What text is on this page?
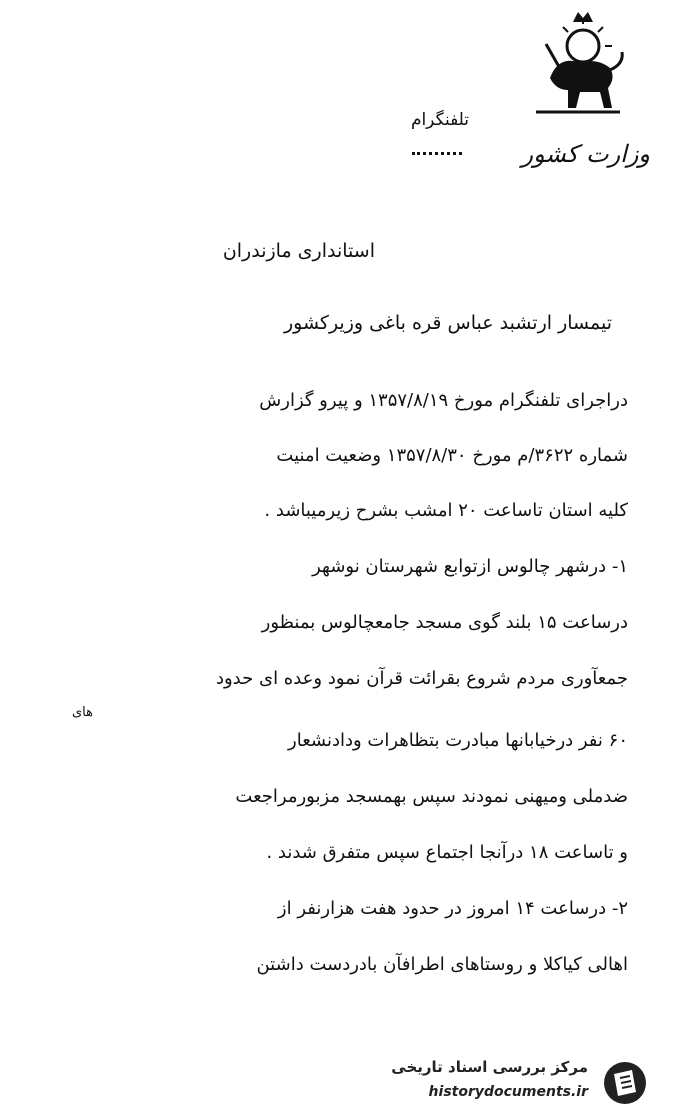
وزارت کشور
تلفنگرام
استانداری مازندران
تیمسار ارتشبد عباس قره باغی وزیرکشور
دراجرای تلفنگرام مورخ ۱۳۵۷/۸/۱۹ و پیرو گزارش
شماره ۳۶۲۲/م مورخ ۱۳۵۷/۸/۳۰ وضعیت امنیت
کلیه استان تاساعت ۲۰ امشب بشرح زیرمیباشد .
۱- درشهر چالوس ازتوابع شهرستان نوشهر
درساعت ۱۵ بلند گوی مسجد جامعچالوس بمنظور
جمعآوری مردم شروع بقرائت قرآن نمود وعده ای حدود
های
۶۰ نفر درخیابانها مبادرت بتظاهرات ودادنشعار
ضدملی ومیهنی نمودند سپس بهمسجد مزبورمراجعت
و تاساعت ۱۸ درآنجا اجتماع سپس متفرق شدند .
۲- درساعت ۱۴ امروز در حدود هفت هزارنفر از
اهالی کیاکلا و روستاهای اطرافآن بادردست داشتن
مرکز بررسی اسناد تاریخی
historydocuments.ir
